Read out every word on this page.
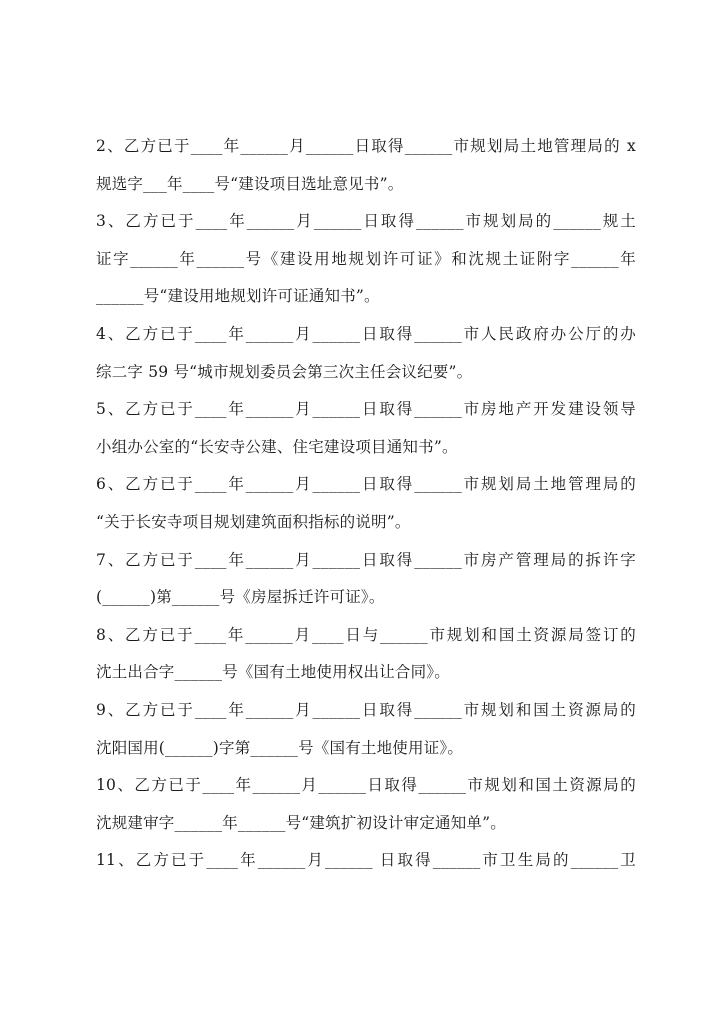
2、乙方已于____年______月______日取得______市规划局土地管理局的 x
规选字___年____号“建设项目选址意见书”。
3、乙方已于____年______月______日取得______市规划局的______规土
证字______年______号《建设用地规划许可证》和沈规土证附字______年
______号“建设用地规划许可证通知书”。
4、乙方已于____年______月______日取得______市人民政府办公厅的办
综二字 59 号“城市规划委员会第三次主任会议纪要”。
5、乙方已于____年______月______日取得______市房地产开发建设领导
小组办公室的“长安寺公建、住宅建设项目通知书”。
6、乙方已于____年______月______日取得______市规划局土地管理局的
“关于长安寺项目规划建筑面积指标的说明”。
7、乙方已于____年______月______日取得______市房产管理局的拆许字
(______)第______号《房屋拆迁许可证》。
8、乙方已于____年______月____日与______市规划和国土资源局签订的
沈土出合字______号《国有土地使用权出让合同》。
9、乙方已于____年______月______日取得______市规划和国土资源局的
沈阳国用(______)字第______号《国有土地使用证》。
10、乙方已于____年______月______日取得______市规划和国土资源局的
沈规建审字______年______号“建筑扩初设计审定通知单”。
11、乙方已于____年______月______ 日取得______市卫生局的______卫
